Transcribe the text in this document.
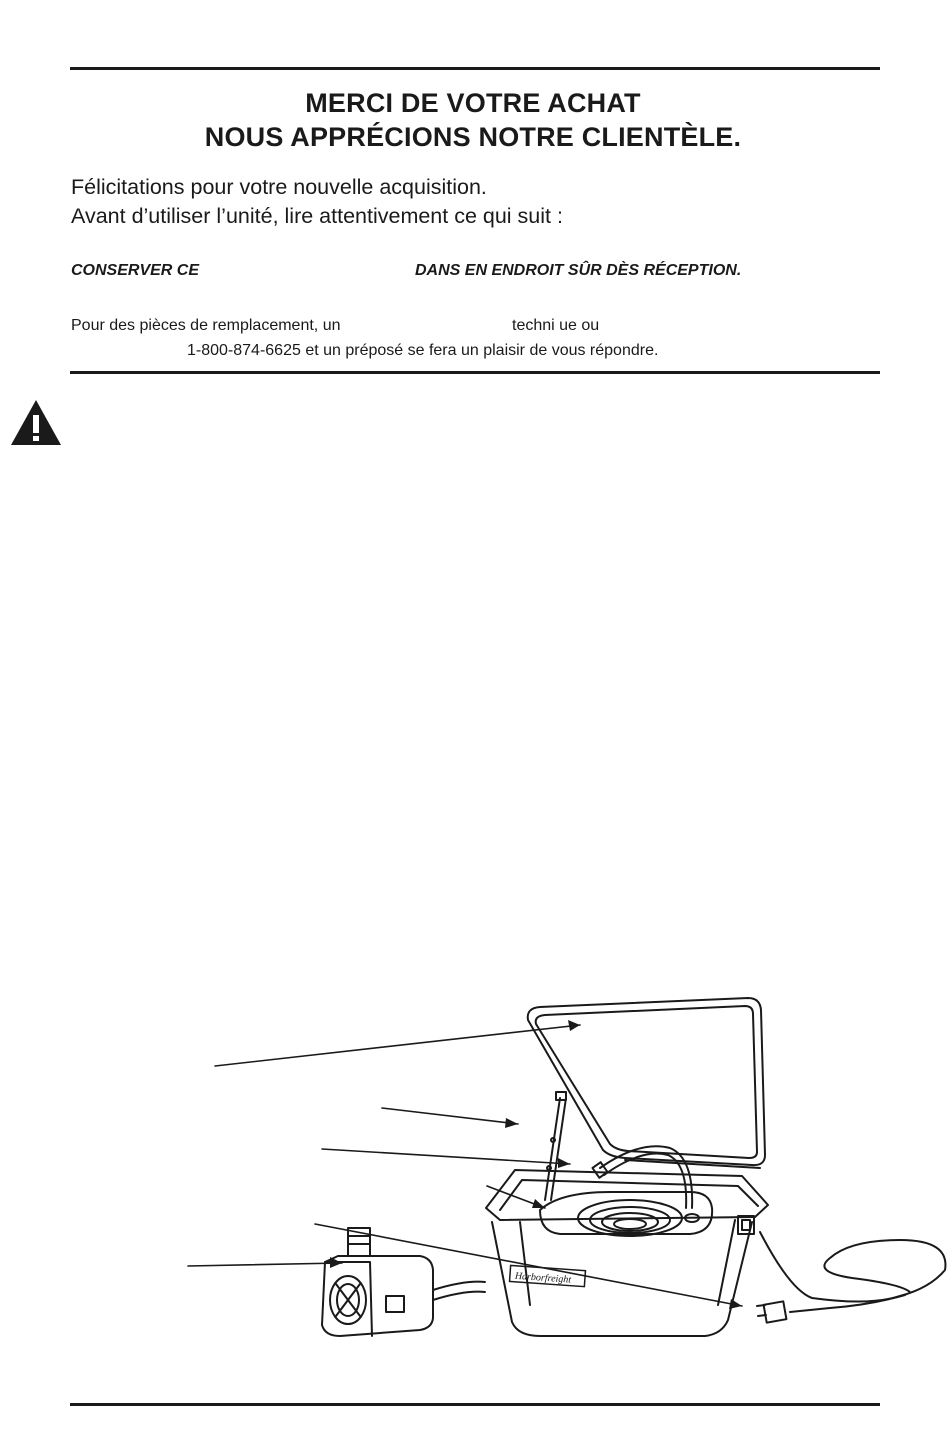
MERCI DE VOTRE ACHAT
NOUS APPRÉCIONS NOTRE CLIENTÈLE.
Félicitations pour votre nouvelle acquisition.
Avant d’utiliser l’unité, lire attentivement ce qui suit :
CONSERVER CE	DANS EN ENDROIT SÛR DÈS RÉCEPTION.
Pour des pièces de remplacement, un	techni ue ou
1-800-874-6625 et un préposé se fera un plaisir de vous répondre.
Harborfreight
